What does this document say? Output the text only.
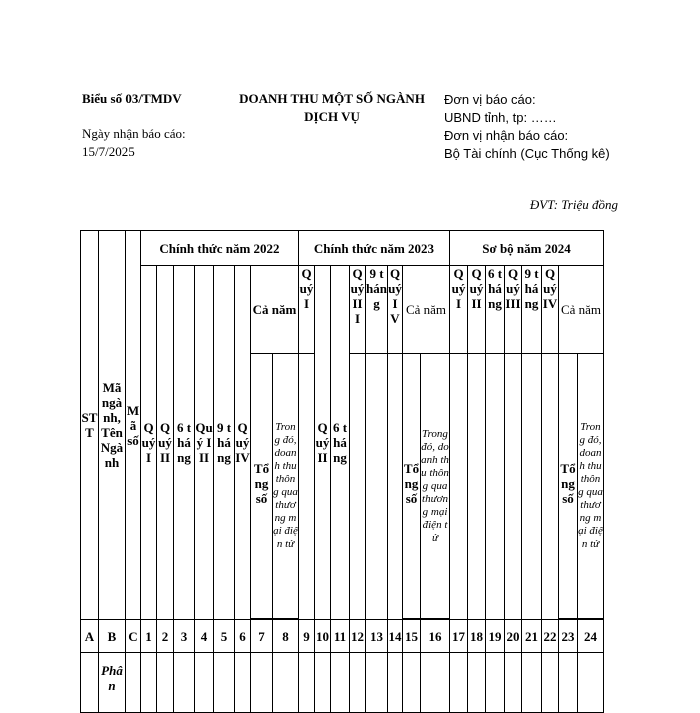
Biểu số 03/TMDV	DOANH THU MỘT SỐ NGÀNH
DỊCH VỤ
Ngày nhận báo cáo:
15/7/2025
Đơn vị báo cáo:
UBND tỉnh, tp: ……
Đơn vị nhận báo cáo:
Bộ Tài chính (Cục Thống kê)
ĐVT: Triệu đồng
STT	Mã ngành, Tên Ngành	Mã số	Chính thức năm 2022								Chính thức năm 2023								Sơ bộ năm 2024							
			Quý I	Quý II	6 tháng	Quý III	9 tháng	Quý IV	Cả năm		Quý I	Quý II	6 tháng	Quý III	9 tháng	Quý IV	Cả năm		Quý I	Quý II	6 tháng	Quý III	9 tháng	Quý IV	Cả năm	
									Tổng số	Trong đó, doanh thu thông qua thương mại điện tử							Tổng số	Trong đó, doanh thu thông qua thương mại điện tử							Tổng số	Trong đó, doanh thu thông qua thương mại điện tử

A	B	C	1	2	3	4	5	6	7	8	9	10	11	12	13	14	15	16	17	18	19	20	21	22	23	24
	Phân																									
